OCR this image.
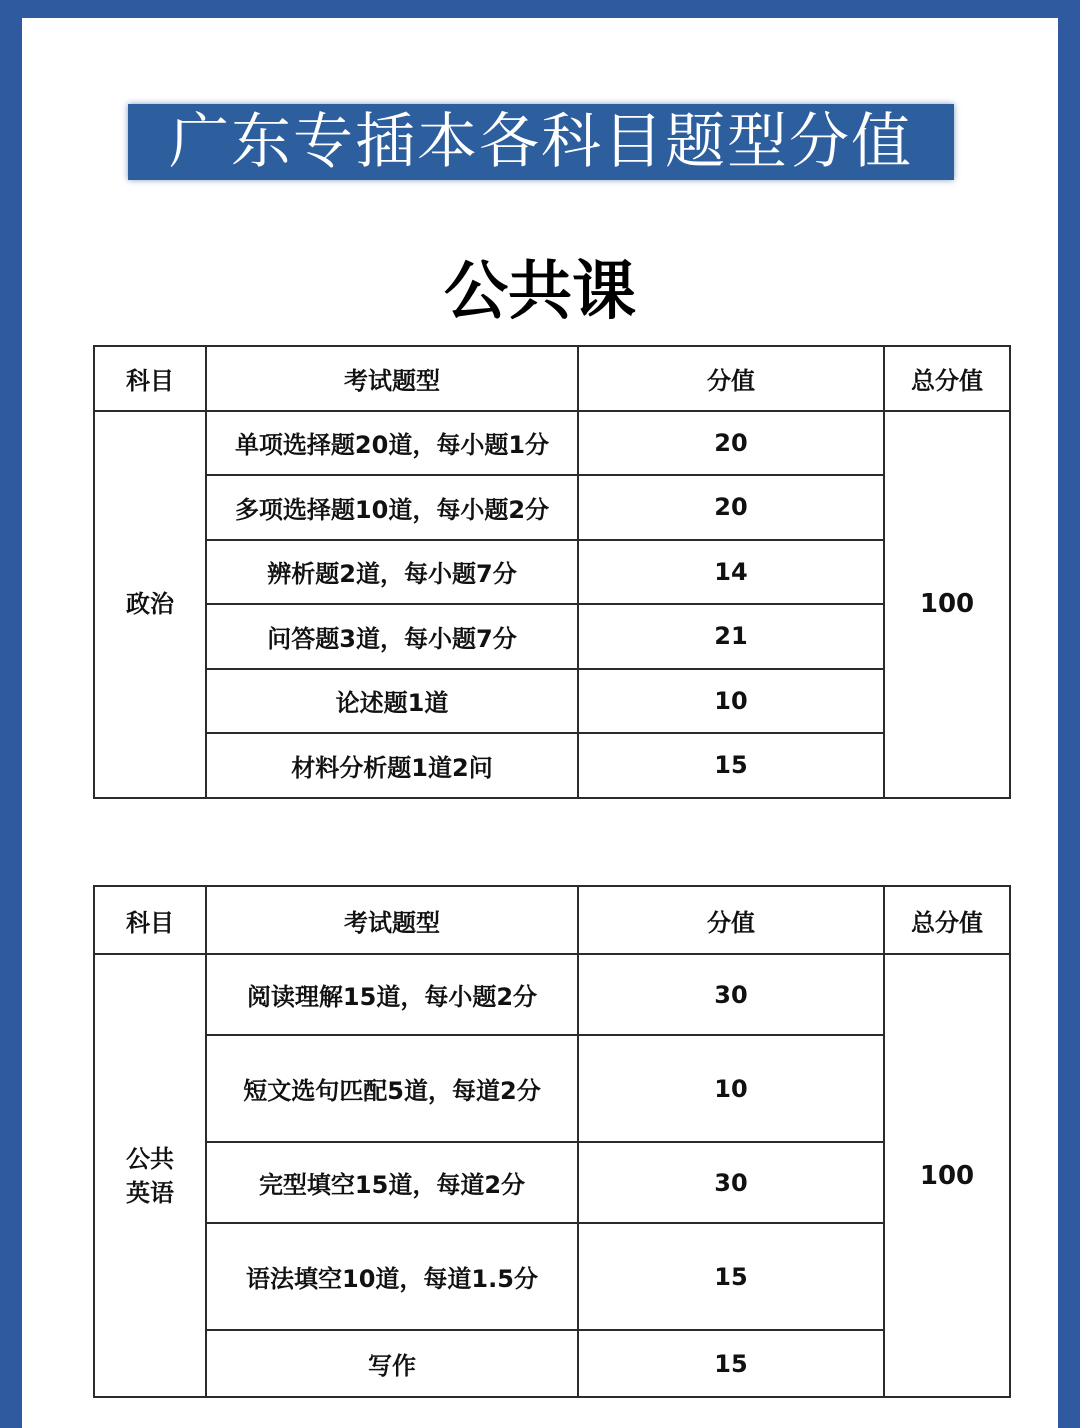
广东专插本各科目题型分值
公共课
科目	考试题型	分值	总分值
政治	单项选择题20道，每小题1分	20	100
	多项选择题10道，每小题2分	20	
	辨析题2道，每小题7分	14	
	问答题3道，每小题7分	21	
	论述题1道	10	
	材料分析题1道2问	15	
科目	考试题型	分值	总分值

公共
英语	阅读理解15道，每小题2分	30	100
	短文选句匹配5道，每道2分	10	
	完型填空15道，每道2分	30	
	语法填空10道，每道1.5分	15	
	写作	15	
